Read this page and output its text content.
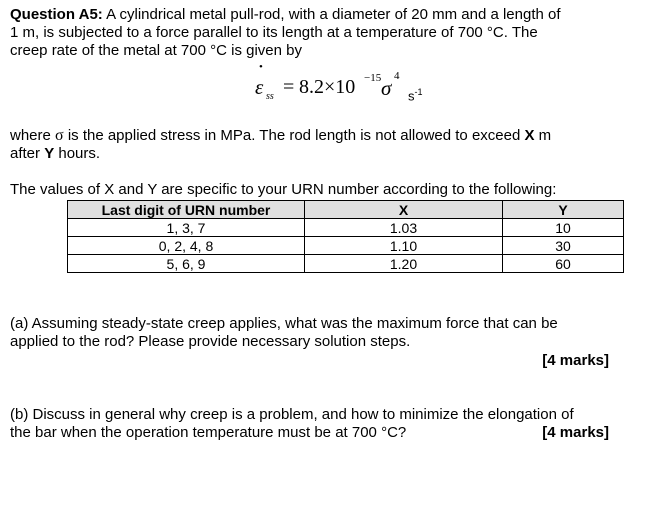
Question A5: A cylindrical metal pull-rod, with a diameter of 20 mm and a length of
1 m, is subjected to a force parallel to its length at a temperature of 700 °C. The
creep rate of the metal at 700 °C is given by
•
ε ss = 8.2×10 −15 σ 4
$s^{-1}$
where σ is the applied stress in MPa. The rod length is not allowed to exceed X m
after Y hours.
The values of X and Y are specific to your URN number according to the following:
Last digit of URN number	X	Y
1, 3, 7	1.03	10
0, 2, 4, 8	1.10	30
5, 6, 9	1.20	60
(a) Assuming steady-state creep applies, what was the maximum force that can be
applied to the rod? Please provide necessary solution steps.
[4 marks]
(b) Discuss in general why creep is a problem, and how to minimize the elongation of
the bar when the operation temperature must be at 700 °C?	[4 marks]
